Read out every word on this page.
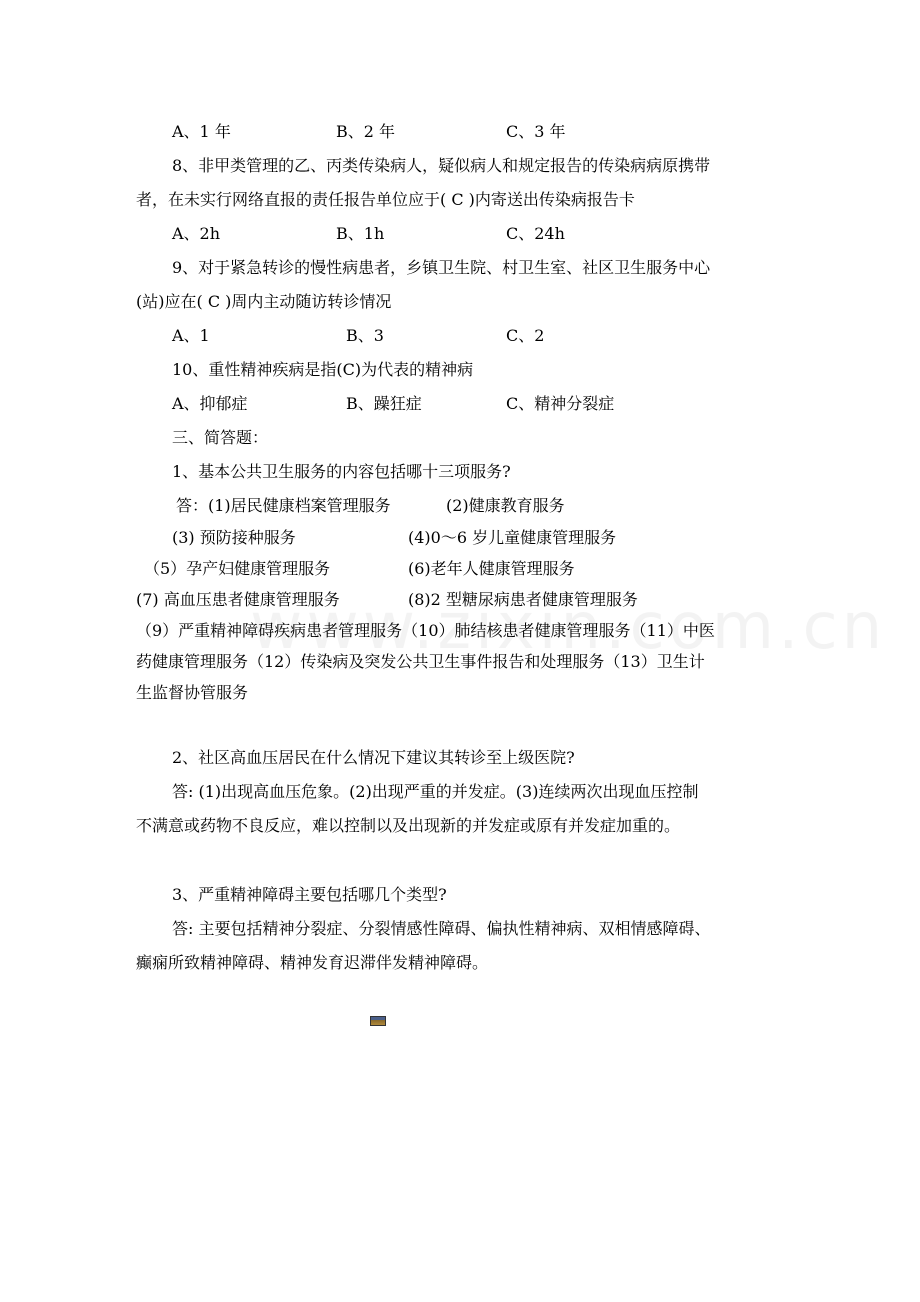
A、1 年	B、2 年	C、3 年
8、非甲类管理的乙、丙类传染病人，疑似病人和规定报告的传染病病原携带
者，在未实行网络直报的责任报告单位应于( C )内寄送出传染病报告卡
A、2h	B、1h	C、24h
9、对于紧急转诊的慢性病患者，乡镇卫生院、村卫生室、社区卫生服务中心
(站)应在( C )周内主动随访转诊情况
A、1	B、3	C、2
10、重性精神疾病是指(C)为代表的精神病
A、抑郁症	B、躁狂症	C、精神分裂症
三、简答题：
1、基本公共卫生服务的内容包括哪十三项服务?
答：(1)居民健康档案管理服务	(2)健康教育服务
(3) 预防接种服务	(4)0～6 岁儿童健康管理服务
（5）孕产妇健康管理服务	(6)老年人健康管理服务
(7) 高血压患者健康管理服务	(8)2 型糖尿病患者健康管理服务
（9）严重精神障碍疾病患者管理服务（10）肺结核患者健康管理服务（11）中医
药健康管理服务（12）传染病及突发公共卫生事件报告和处理服务（13）卫生计
生监督协管服务
2、社区高血压居民在什么情况下建议其转诊至上级医院?
答: (1)出现高血压危象。(2)出现严重的并发症。(3)连续两次出现血压控制
不满意或药物不良反应，难以控制以及出现新的并发症或原有并发症加重的。
3、严重精神障碍主要包括哪几个类型?
答: 主要包括精神分裂症、分裂情感性障碍、偏执性精神病、双相情感障碍、
癫痫所致精神障碍、精神发育迟滞伴发精神障碍。
